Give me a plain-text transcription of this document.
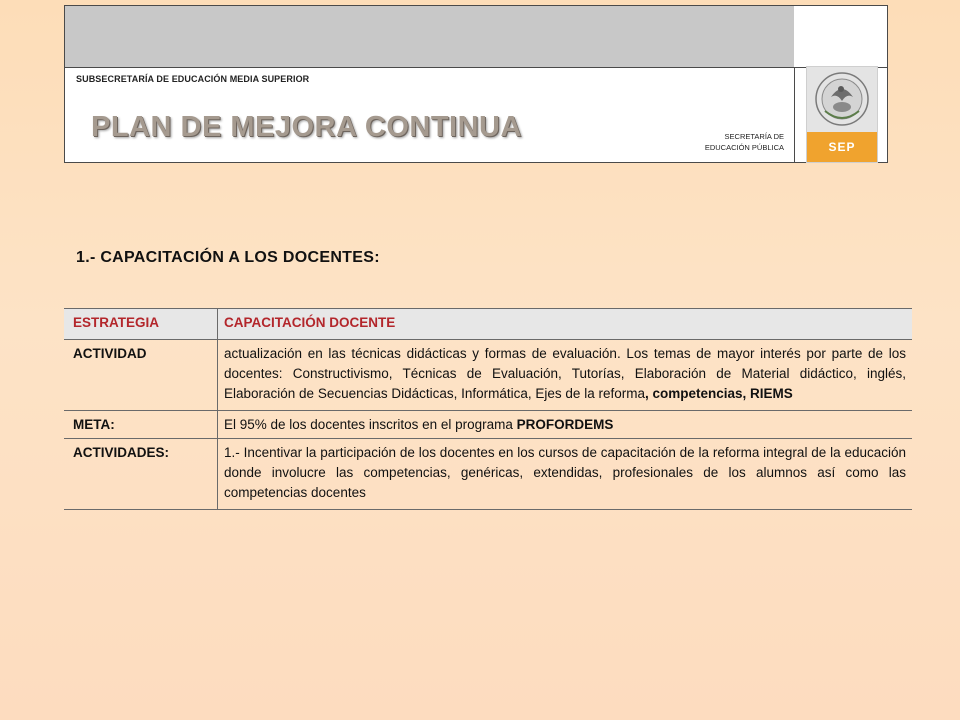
SUBSECRETARÍA DE EDUCACIÓN MEDIA SUPERIOR
PLAN DE MEJORA CONTINUA	SECRETARÍA DE
EDUCACIÓN PÚBLICA	SEP
1.- CAPACITACIÓN A LOS DOCENTES:
ESTRATEGIA	CAPACITACIÓN DOCENTE
ACTIVIDAD	actualización en las técnicas didácticas y formas de evaluación. Los temas de mayor interés por parte de los docentes: Constructivismo, Técnicas de Evaluación, Tutorías, Elaboración de Material didáctico, inglés, Elaboración de Secuencias Didácticas, Informática, Ejes de la reforma, competencias, RIEMS
META:	El 95% de los docentes inscritos en el programa PROFORDEMS
ACTIVIDADES:	1.- Incentivar la participación de los docentes en los cursos de capacitación de la reforma integral de la educación donde involucre las competencias, genéricas, extendidas, profesionales de los alumnos así como las competencias docentes
